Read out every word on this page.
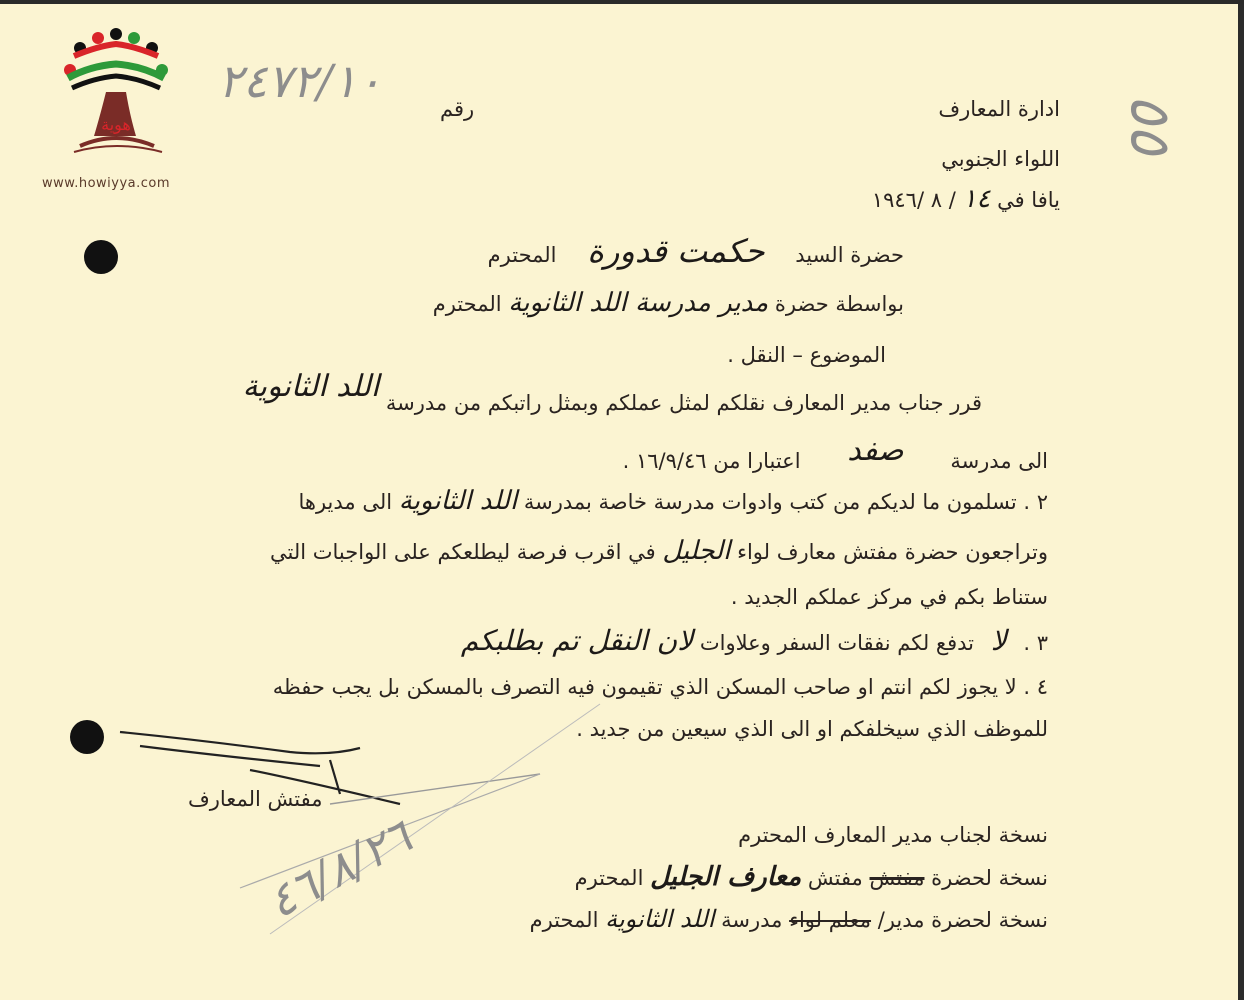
هوية
www.howiyya.com
٢٤٧٢/١٠
رقم	٥٥
ادارة المعارف
اللواء الجنوبي
يافا في ١٤ / ٨ /١٩٤٦
حضرة السيد حكمت قدورة المحترم
بواسطة حضرة مدير مدرسة اللد الثانوية المحترم
الموضوع – النقل .
قرر جناب مدير المعارف نقلكم لمثل عملكم وبمثل راتبكم من مدرسة اللد الثانوية
الى مدرسة صفد اعتبارا من ١٦/٩/٤٦ .
٢ . تسلمون ما لديكم من كتب وادوات مدرسة خاصة بمدرسة اللد الثانوية الى مديرها
وتراجعون حضرة مفتش معارف لواء الجليل في اقرب فرصة ليطلعكم على الواجبات التي
ستناط بكم في مركز عملكم الجديد .
٣ . لا تدفع لكم نفقات السفر وعلاوات لان النقل تم بطلبكم
٤ . لا يجوز لكم انتم او صاحب المسكن الذي تقيمون فيه التصرف بالمسكن بل يجب حفظه
للموظف الذي سيخلفكم او الى الذي سيعين من جديد .
مفتش المعارف
٤٦/٨/٢٦	نسخة لجناب مدير المعارف المحترم
نسخة لحضرة مفتش مفتش معارف الجليل المحترم
نسخة لحضرة مدير/ معلم لواء مدرسة اللد الثانوية المحترم
